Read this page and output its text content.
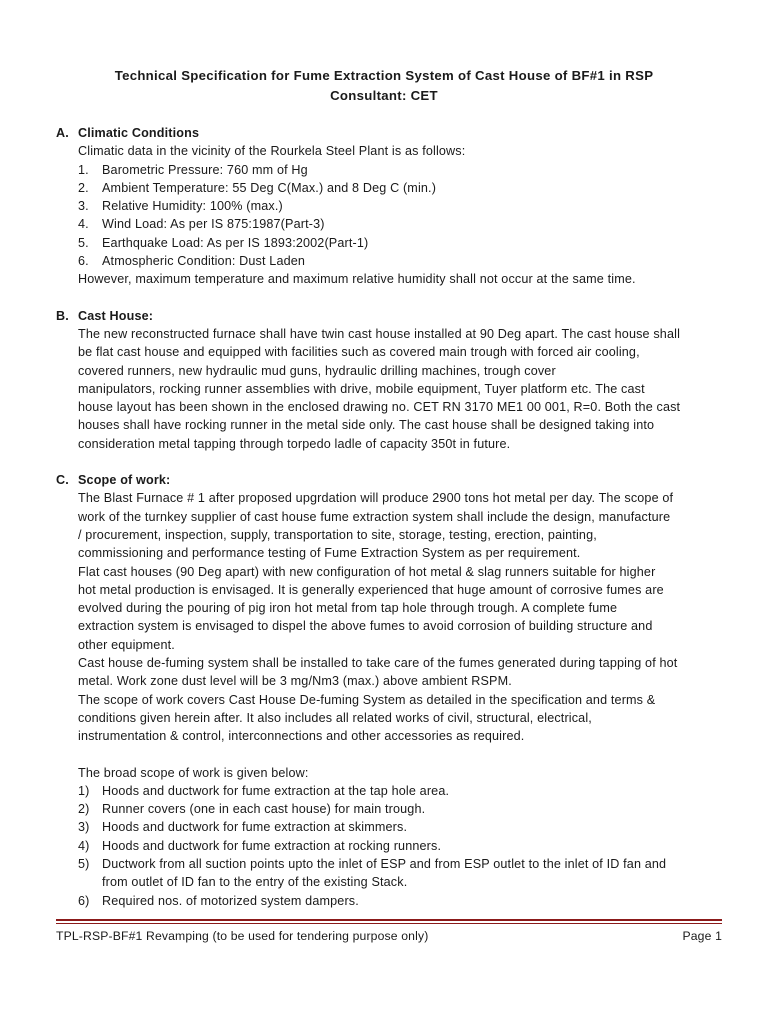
Technical Specification for Fume Extraction System of Cast House of BF#1 in RSP
Consultant: CET
A. Climatic Conditions
Climatic data in the vicinity of the Rourkela Steel Plant is as follows:
1.	Barometric Pressure: 760 mm of Hg
2.	Ambient Temperature: 55 Deg C(Max.) and 8 Deg C (min.)
3.	Relative Humidity: 100% (max.)
4.	Wind Load: As per IS 875:1987(Part-3)
5.	Earthquake Load: As per IS 1893:2002(Part-1)
6.	Atmospheric Condition: Dust Laden
However, maximum temperature and maximum relative humidity shall not occur at the same time.
B. Cast House:
The new reconstructed furnace shall have twin cast house installed at 90 Deg apart. The cast house shall
be flat cast house and equipped with facilities such as covered main trough with forced air cooling,
covered runners, new hydraulic mud guns, hydraulic drilling machines, trough cover
manipulators, rocking runner assemblies with drive, mobile equipment, Tuyer platform etc. The cast
house layout has been shown in the enclosed drawing no. CET RN 3170 ME1 00 001, R=0. Both the cast
houses shall have rocking runner in the metal side only. The cast house shall be designed taking into
consideration metal tapping through torpedo ladle of capacity 350t in future.
C. Scope of work:
The Blast Furnace # 1 after proposed upgrdation will produce 2900 tons hot metal per day. The scope of
work of the turnkey supplier of cast house fume extraction system shall include the design, manufacture
/ procurement, inspection, supply, transportation to site, storage, testing, erection, painting,
commissioning and performance testing of Fume Extraction System as per requirement.
Flat cast houses (90 Deg apart) with new configuration of hot metal & slag runners suitable for higher
hot metal production is envisaged. It is generally experienced that huge amount of corrosive fumes are
evolved during the pouring of pig iron hot metal from tap hole through trough. A complete fume
extraction system is envisaged to dispel the above fumes to avoid corrosion of building structure and
other equipment.
Cast house de-fuming system shall be installed to take care of the fumes generated during tapping of hot
metal. Work zone dust level will be 3 mg/Nm3 (max.) above ambient RSPM.
The scope of work covers Cast House De-fuming System as detailed in the specification and terms &
conditions given herein after. It also includes all related works of civil, structural, electrical,
instrumentation & control, interconnections and other accessories as required.
The broad scope of work is given below:
1) Hoods and ductwork for fume extraction at the tap hole area.
2) Runner covers (one in each cast house) for main trough.
3) Hoods and ductwork for fume extraction at skimmers.
4) Hoods and ductwork for fume extraction at rocking runners.
5) Ductwork from all suction points upto the inlet of ESP and from ESP outlet to the inlet of ID fan and
from outlet of ID fan to the entry of the existing Stack.
6) Required nos. of motorized system dampers.
TPL-RSP-BF#1 Revamping (to be used for tendering purpose only)	Page 1
